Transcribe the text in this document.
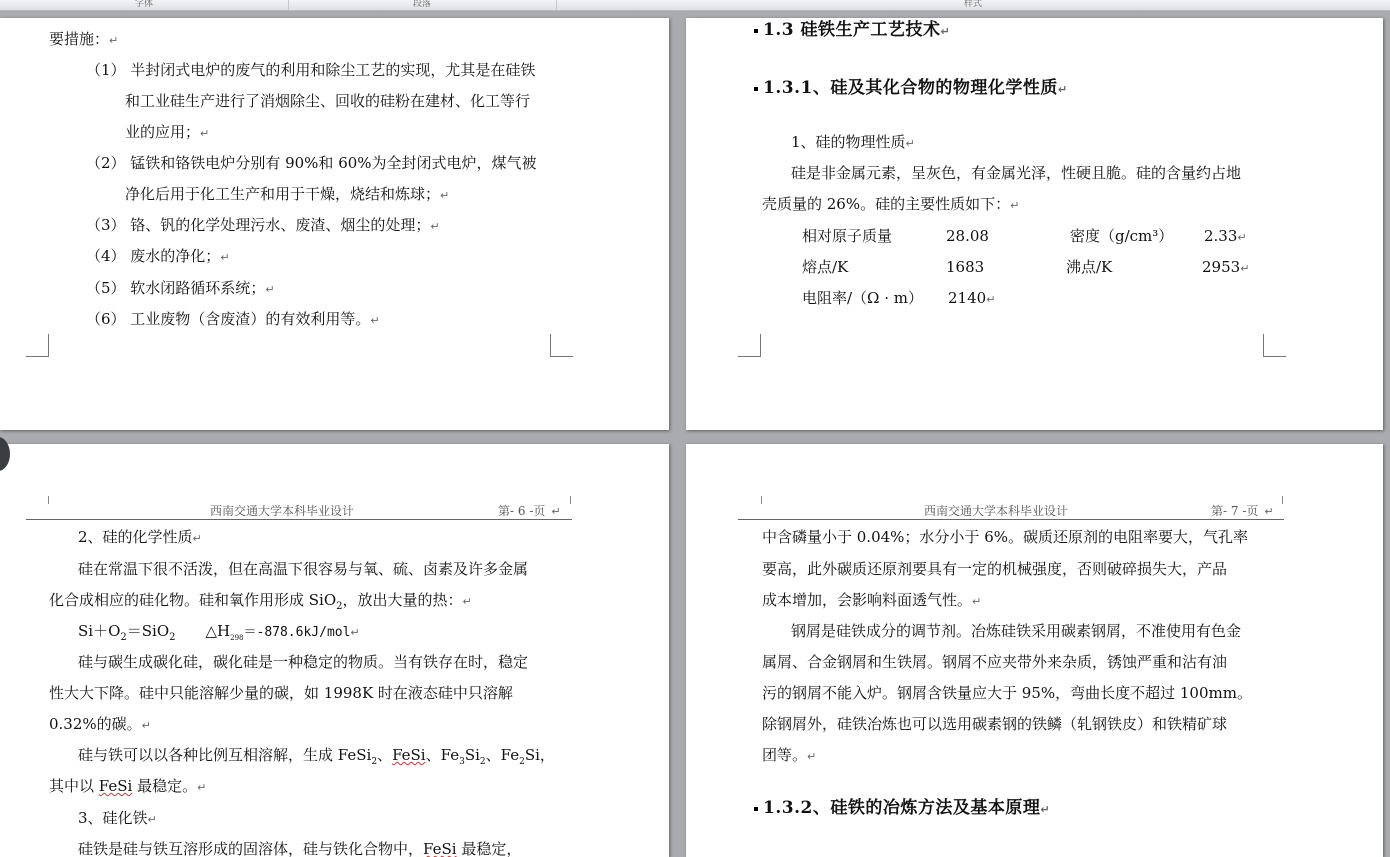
字体	段落	样式
要措施：↵
（1） 半封闭式电炉的废气的利用和除尘工艺的实现，尤其是在硅铁
和工业硅生产进行了消烟除尘、回收的硅粉在建材、化工等行
业的应用；↵
（2） 锰铁和铬铁电炉分别有 90%和 60%为全封闭式电炉，煤气被
净化后用于化工生产和用于干燥，烧结和炼球；↵
（3） 铬、钒的化学处理污水、废渣、烟尘的处理；↵
（4） 废水的净化；↵
（5） 软水闭路循环系统；↵
（6） 工业废物（含废渣）的有效利用等。↵
1.3 硅铁生产工艺技术↵
1.3.1、硅及其化合物的物理化学性质↵
1、硅的物理性质↵
硅是非金属元素，呈灰色，有金属光泽，性硬且脆。硅的含量约占地
壳质量的 26%。硅的主要性质如下：↵
相对原子质量	28.08	密度（g/cm³） 2.33↵
熔点/K	1683	沸点/K	2953↵
电阻率/（Ω · m） 2140↵
西南交通大学本科毕业设计	第- 6 -页 ↵
2、硅的化学性质↵
硅在常温下很不活泼，但在高温下很容易与氧、硫、卤素及许多金属
化合成相应的硅化物。硅和氧作用形成 SiO$_2$，放出大量的热：↵
$Si+O_2=SiO_2$ $\triangle H_{298}=-878.6kJ/mol↵$
硅与碳生成碳化硅，碳化硅是一种稳定的物质。当有铁存在时，稳定
性大大下降。硅中只能溶解少量的碳，如 1998K 时在液态硅中只溶解
0.32%的碳。↵
硅与铁可以以各种比例互相溶解，生成 FeSi$_2$、FeSi、$Fe_3Si_2$、$Fe_2Si$，
其中以 FeSi 最稳定。↵
3、硅化铁↵
硅铁是硅与铁互溶形成的固溶体，硅与铁化合物中，FeSi 最稳定，
西南交通大学本科毕业设计	第- 7 -页 ↵
中含磷量小于 0.04%；水分小于 6%。碳质还原剂的电阻率要大，气孔率
要高，此外碳质还原剂要具有一定的机械强度，否则破碎损失大，产品
成本增加，会影响料面透气性。↵
钢屑是硅铁成分的调节剂。冶炼硅铁采用碳素钢屑，不准使用有色金
属屑、合金钢屑和生铁屑。钢屑不应夹带外来杂质，锈蚀严重和沾有油
污的钢屑不能入炉。钢屑含铁量应大于 95%，弯曲长度不超过 100mm。
除钢屑外，硅铁冶炼也可以选用碳素钢的铁鳞（轧钢铁皮）和铁精矿球
团等。↵
1.3.2、硅铁的冶炼方法及基本原理↵
